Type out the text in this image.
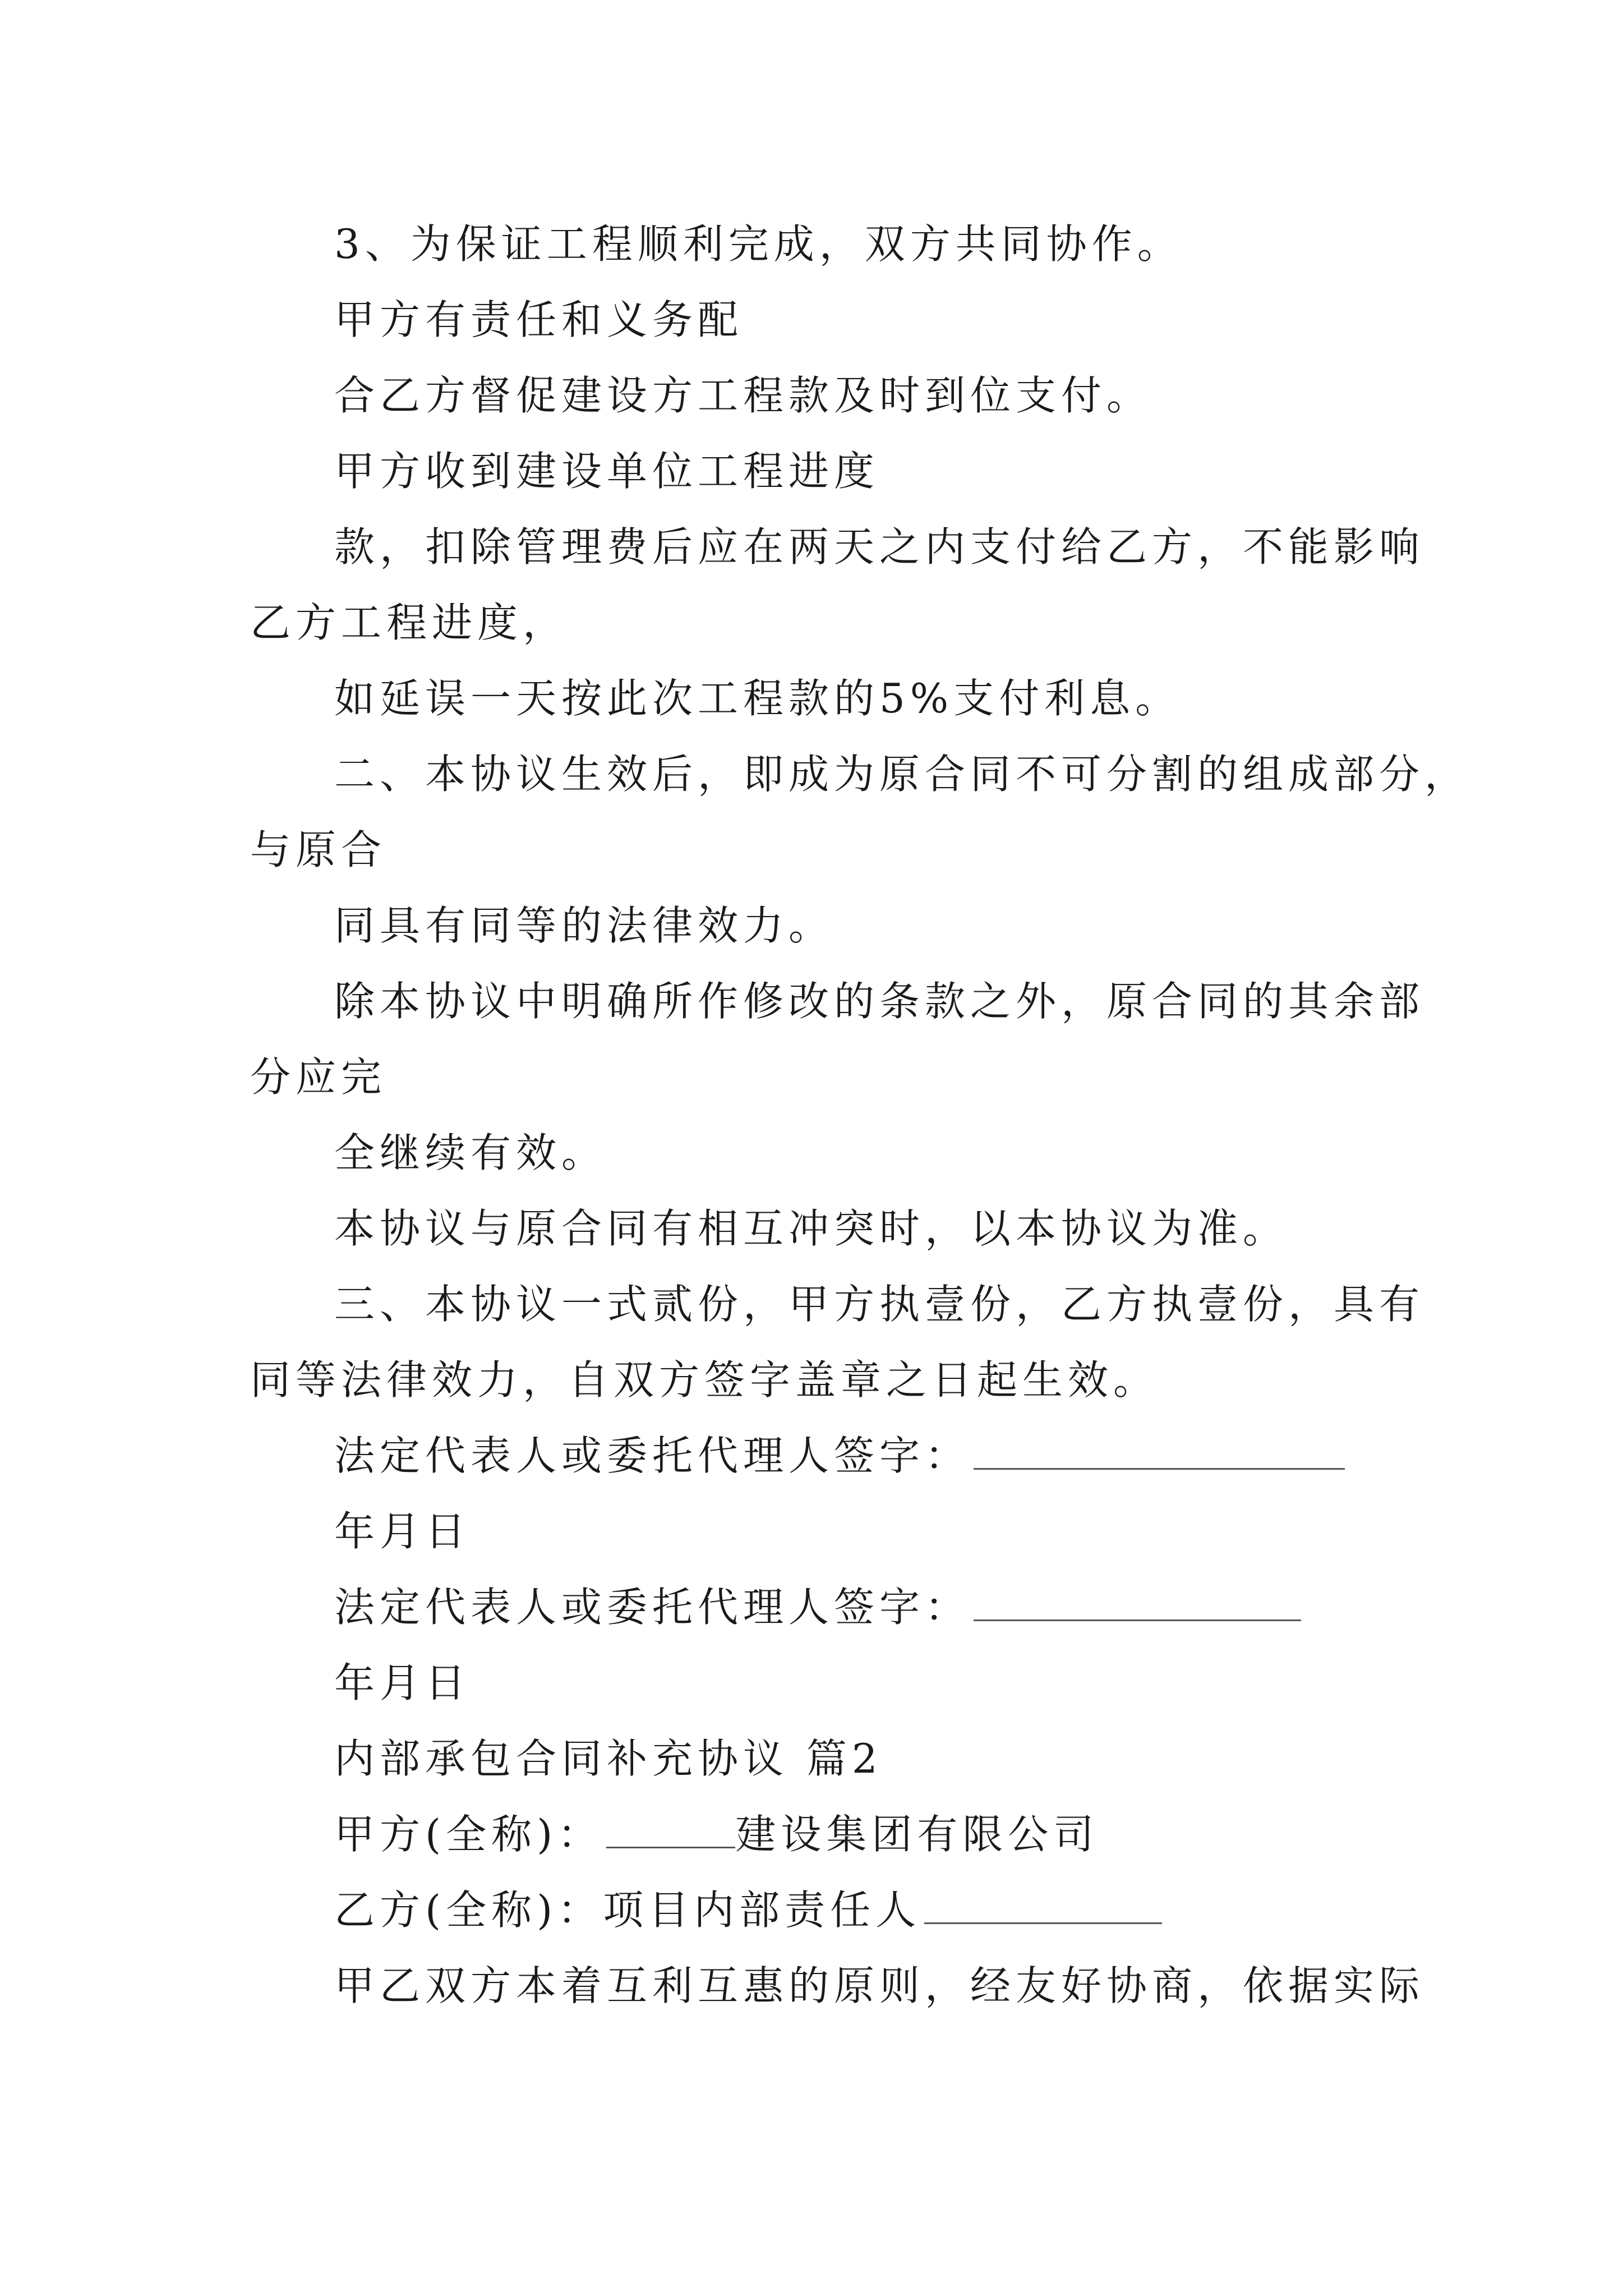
3、为保证工程顺利完成，双方共同协作。

甲方有责任和义务配

合乙方督促建设方工程款及时到位支付。

甲方收到建设单位工程进度

款，扣除管理费后应在两天之内支付给乙方，不能影响

乙方工程进度，

如延误一天按此次工程款的5%支付利息。

二、本协议生效后，即成为原合同不可分割的组成部分，

与原合

同具有同等的法律效力。

除本协议中明确所作修改的条款之外，原合同的其余部

分应完

全继续有效。

本协议与原合同有相互冲突时，以本协议为准。

三、本协议一式贰份，甲方执壹份，乙方执壹份，具有

同等法律效力，自双方签字盖章之日起生效。

法定代表人或委托代理人签字：

年月日

法定代表人或委托代理人签字：

年月日

内部承包合同补充协议 篇2

甲方(全称)：	建设集团有限公司

乙方(全称)：项目内部责任人

甲乙双方本着互利互惠的原则，经友好协商，依据实际
